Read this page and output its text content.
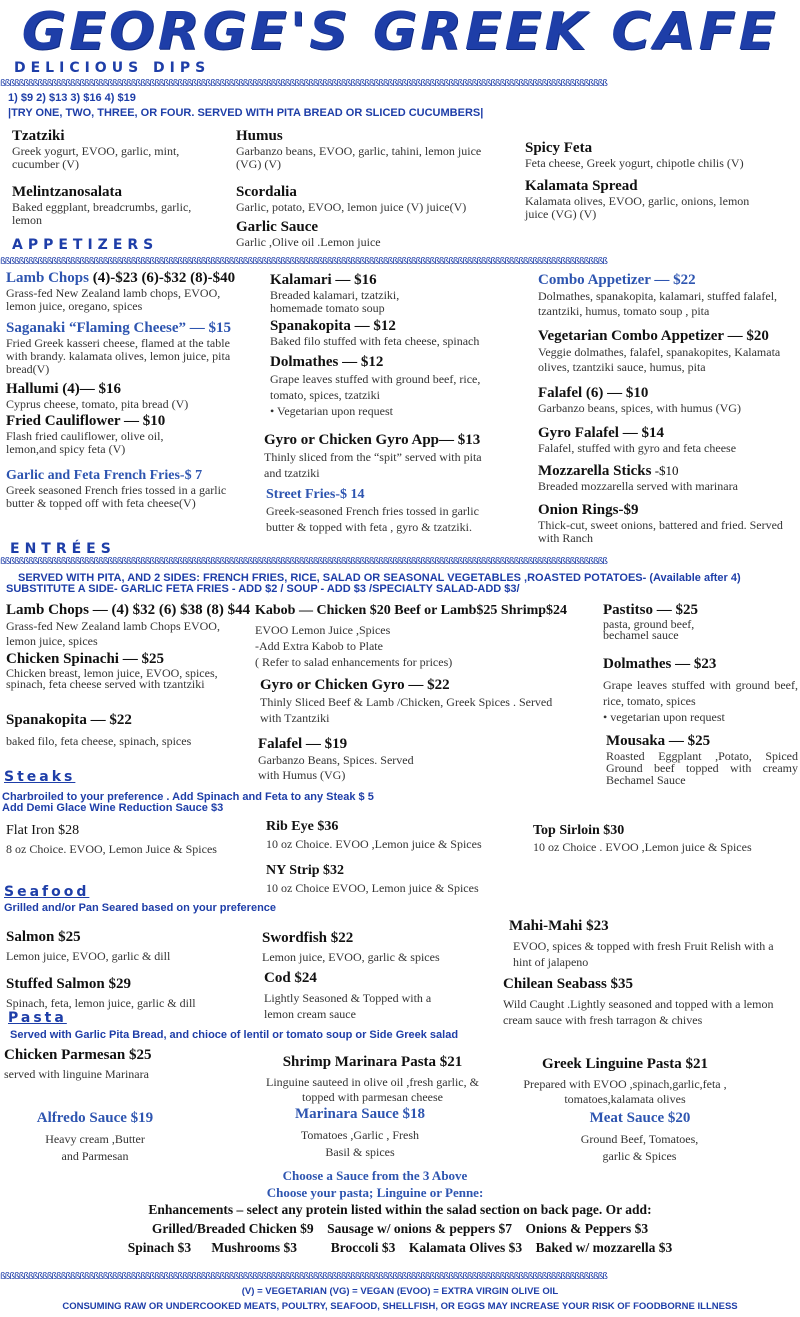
GEORGE'S GREEK CAFE
DELICIOUS DIPS
ßßßßßßßßßßßßßßßßßßßßßßßßßßßßßßßßßßßßßßßßßßßßßßßßßßßßßßßßßßßßßßßßßßßßßßßßßßßßßßßßßßßßßßßßßßßßßßßßßßßßßßßßßßßßßßßßßßßßßßßßßßßßßßßßßß
1) $9 2) $13 3) $16 4) $19
|TRY ONE, TWO, THREE, OR FOUR. SERVED WITH PITA BREAD OR SLICED CUCUMBERS|
Tzatziki
Greek yogurt, EVOO, garlic, mint, cucumber (V)
Melintzanosalata
Baked eggplant, breadcrumbs, garlic, lemon
Humus
Garbanzo beans, EVOO, garlic, tahini, lemon juice (VG) (V)
Scordalia
Garlic, potato, EVOO, lemon juice (V) juice(V)
Garlic Sauce
Garlic ,Olive oil .Lemon juice
Spicy Feta
Feta cheese, Greek yogurt, chipotle chilis (V)
Kalamata Spread
Kalamata olives, EVOO, garlic, onions, lemon juice (VG) (V)
APPETIZERS
ßßßßßßßßßßßßßßßßßßßßßßßßßßßßßßßßßßßßßßßßßßßßßßßßßßßßßßßßßßßßßßßßßßßßßßßßßßßßßßßßßßßßßßßßßßßßßßßßßßßßßßßßßßßßßßßßßßßßßßßßßßßßßßßßßß
Lamb Chops (4)-$23 (6)-$32 (8)-$40
Grass-fed New Zealand lamb chops, EVOO, lemon juice, oregano, spices
Saganaki “Flaming Cheese” — $15
Fried Greek kasseri cheese, flamed at the table with brandy. kalamata olives, lemon juice, pita bread(V)
Hallumi (4)— $16
Cyprus cheese, tomato, pita bread (V)
Fried Cauliflower — $10
Flash fried cauliflower, olive oil, lemon,and spicy feta (V)
Garlic and Feta French Fries-$ 7
Greek seasoned French fries tossed in a garlic butter & topped off with feta cheese(V)
Kalamari — $16
Breaded kalamari, tzatziki, homemade tomato soup
Spanakopita — $12
Baked filo stuffed with feta cheese, spinach
Dolmathes — $12
Grape leaves stuffed with ground beef, rice, tomato, spices, tzatziki
• Vegetarian upon request
Gyro or Chicken Gyro App— $13
Thinly sliced from the “spit” served with pita and tzatziki
Street Fries-$ 14
Greek-seasoned French fries tossed in garlic butter & topped with feta , gyro & tzatziki.
Combo Appetizer — $22
Dolmathes, spanakopita, kalamari, stuffed falafel, tzantziki, humus, tomato soup , pita
Vegetarian Combo Appetizer — $20
Veggie dolmathes, falafel, spanakopites, Kalamata olives, tzantziki sauce, humus, pita
Falafel (6) — $10
Garbanzo beans, spices, with humus (VG)
Gyro Falafel — $14
Falafel, stuffed with gyro and feta cheese
Mozzarella Sticks -$10
Breaded mozzarella served with marinara
Onion Rings-$9
Thick-cut, sweet onions, battered and fried. Served with Ranch
ENTRÉES
ßßßßßßßßßßßßßßßßßßßßßßßßßßßßßßßßßßßßßßßßßßßßßßßßßßßßßßßßßßßßßßßßßßßßßßßßßßßßßßßßßßßßßßßßßßßßßßßßßßßßßßßßßßßßßßßßßßßßßßßßßßßßßßßßßß
SERVED WITH PITA, AND 2 SIDES: FRENCH FRIES, RICE, SALAD OR SEASONAL VEGETABLES ,ROASTED POTATOES- (Available after 4)
SUBSTITUTE A SIDE- GARLIC FETA FRIES - ADD $2 / SOUP - ADD $3 /SPECIALTY SALAD-ADD $3/
Lamb Chops — (4) $32 (6) $38 (8) $44
Grass-fed New Zealand lamb Chops EVOO, lemon juice, spices
Chicken Spinachi — $25
Chicken breast, lemon juice, EVOO, spices, spinach, feta cheese served with tzantziki
Spanakopita — $22
baked filo, feta cheese, spinach, spices
Kabob — Chicken $20 Beef or Lamb$25 Shrimp$24
EVOO Lemon Juice ,Spices
-Add Extra Kabob to Plate
( Refer to salad enhancements for prices)
Gyro or Chicken Gyro — $22
Thinly Sliced Beef & Lamb /Chicken, Greek Spices . Served with Tzantziki
Falafel — $19
Garbanzo Beans, Spices. Served with Humus (VG)
Pastitso — $25
pasta, ground beef, bechamel sauce
Dolmathes — $23
Grape leaves stuffed with ground beef, rice, tomato, spices
• vegetarian upon request
Mousaka — $25
Roasted Eggplant ,Potato, Spiced Ground beef topped with creamy Bechamel Sauce
Steaks
Charbroiled to your preference . Add Spinach and Feta to any Steak $ 5
Add Demi Glace Wine Reduction Sauce $3
Flat Iron $28
8 oz Choice. EVOO, Lemon Juice & Spices
Rib Eye $36
10 oz Choice. EVOO ,Lemon juice & Spices
NY Strip $32
10 oz Choice EVOO, Lemon juice & Spices
Top Sirloin $30
10 oz Choice . EVOO ,Lemon juice & Spices
Seafood
Grilled and/or Pan Seared based on your preference
Salmon $25
Lemon juice, EVOO, garlic & dill
Stuffed Salmon $29
Spinach, feta, lemon juice, garlic & dill
Swordfish $22
Lemon juice, EVOO, garlic & spices
Cod $24
Lightly Seasoned & Topped with a lemon cream sauce
Mahi-Mahi $23
EVOO, spices & topped with fresh Fruit Relish with a hint of jalapeno
Chilean Seabass $35
Wild Caught .Lightly seasoned and topped with a lemon cream sauce with fresh tarragon & chives
Pasta
Served with Garlic Pita Bread, and chioce of lentil or tomato soup or Side Greek salad
Chicken Parmesan $25
served with linguine Marinara
Shrimp Marinara Pasta $21
Linguine sauteed in olive oil ,fresh garlic, & topped with parmesan cheese
Greek Linguine Pasta $21
Prepared with EVOO ,spinach,garlic,feta , tomatoes,kalamata olives
Alfredo Sauce $19
Heavy cream ,Butter and Parmesan
Marinara Sauce $18
Tomatoes ,Garlic , Fresh Basil & spices
Meat Sauce $20
Ground Beef, Tomatoes, garlic & Spices
Choose a Sauce from the 3 Above
Choose your pasta; Linguine or Penne:
Enhancements – select any protein listed within the salad section on back page. Or add:
Grilled/Breaded Chicken $9    Sausage w/ onions & peppers $7    Onions & Peppers $3
Spinach $3      Mushrooms $3          Broccoli $3    Kalamata Olives $3    Baked w/ mozzarella $3
ßßßßßßßßßßßßßßßßßßßßßßßßßßßßßßßßßßßßßßßßßßßßßßßßßßßßßßßßßßßßßßßßßßßßßßßßßßßßßßßßßßßßßßßßßßßßßßßßßßßßßßßßßßßßßßßßßßßßßßßßßßßßßßßßßß
(V) = VEGETARIAN (VG) = VEGAN (EVOO) = EXTRA VIRGIN OLIVE OIL
CONSUMING RAW OR UNDERCOOKED MEATS, POULTRY, SEAFOOD, SHELLFISH, OR EGGS MAY INCREASE YOUR RISK OF FOODBORNE ILLNESS
